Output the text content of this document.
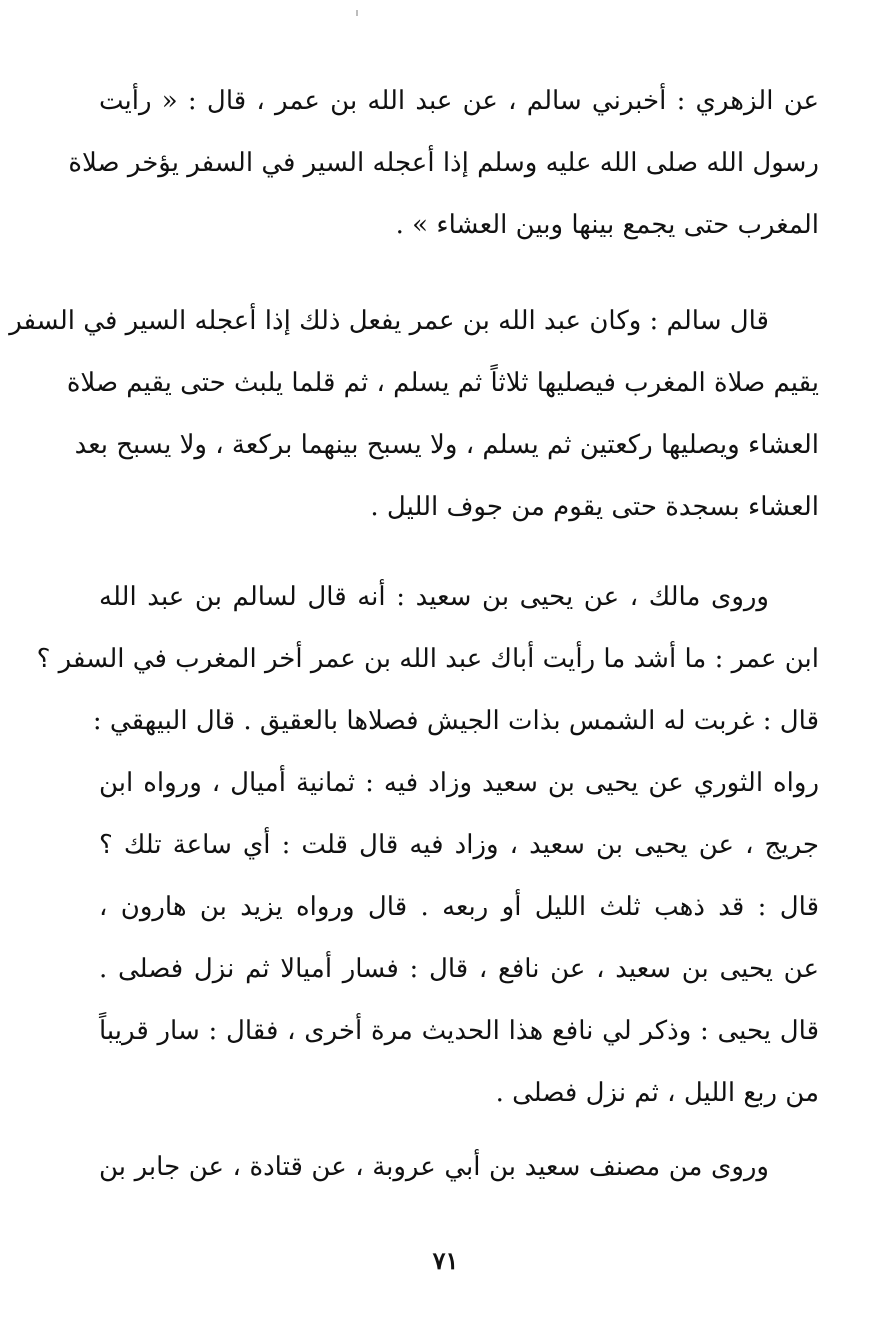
عن الزهري : أخبرني سالم ، عن عبد الله بن عمر ، قال : « رأيت
رسول الله صلى الله عليه وسلم إذا أعجله السير في السفر يؤخر صلاة
المغرب حتى يجمع بينها وبين العشاء » .
قال سالم : وكان عبد الله بن عمر يفعل ذلك إذا أعجله السير في السفر
يقيم صلاة المغرب فيصليها ثلاثاً ثم يسلم ، ثم قلما يلبث حتى يقيم صلاة
العشاء ويصليها ركعتين ثم يسلم ، ولا يسبح بينهما بركعة ، ولا يسبح بعد
العشاء بسجدة حتى يقوم من جوف الليل .
وروى مالك ، عن يحيى بن سعيد : أنه قال لسالم بن عبد الله
ابن عمر : ما أشد ما رأيت أباك عبد الله بن عمر أخر المغرب في السفر ؟
قال : غربت له الشمس بذات الجيش فصلاها بالعقيق . قال البيهقي :
رواه الثوري عن يحيى بن سعيد وزاد فيه : ثمانية أميال ، ورواه ابن
جريج ، عن يحيى بن سعيد ، وزاد فيه قال قلت : أي ساعة تلك ؟
قال : قد ذهب ثلث الليل أو ربعه . قال ورواه يزيد بن هارون ،
عن يحيى بن سعيد ، عن نافع ، قال : فسار أميالا ثم نزل فصلى .
قال يحيى : وذكر لي نافع هذا الحديث مرة أخرى ، فقال : سار قريباً
من ربع الليل ، ثم نزل فصلى .
وروى من مصنف سعيد بن أبي عروبة ، عن قتادة ، عن جابر بن
٧١
